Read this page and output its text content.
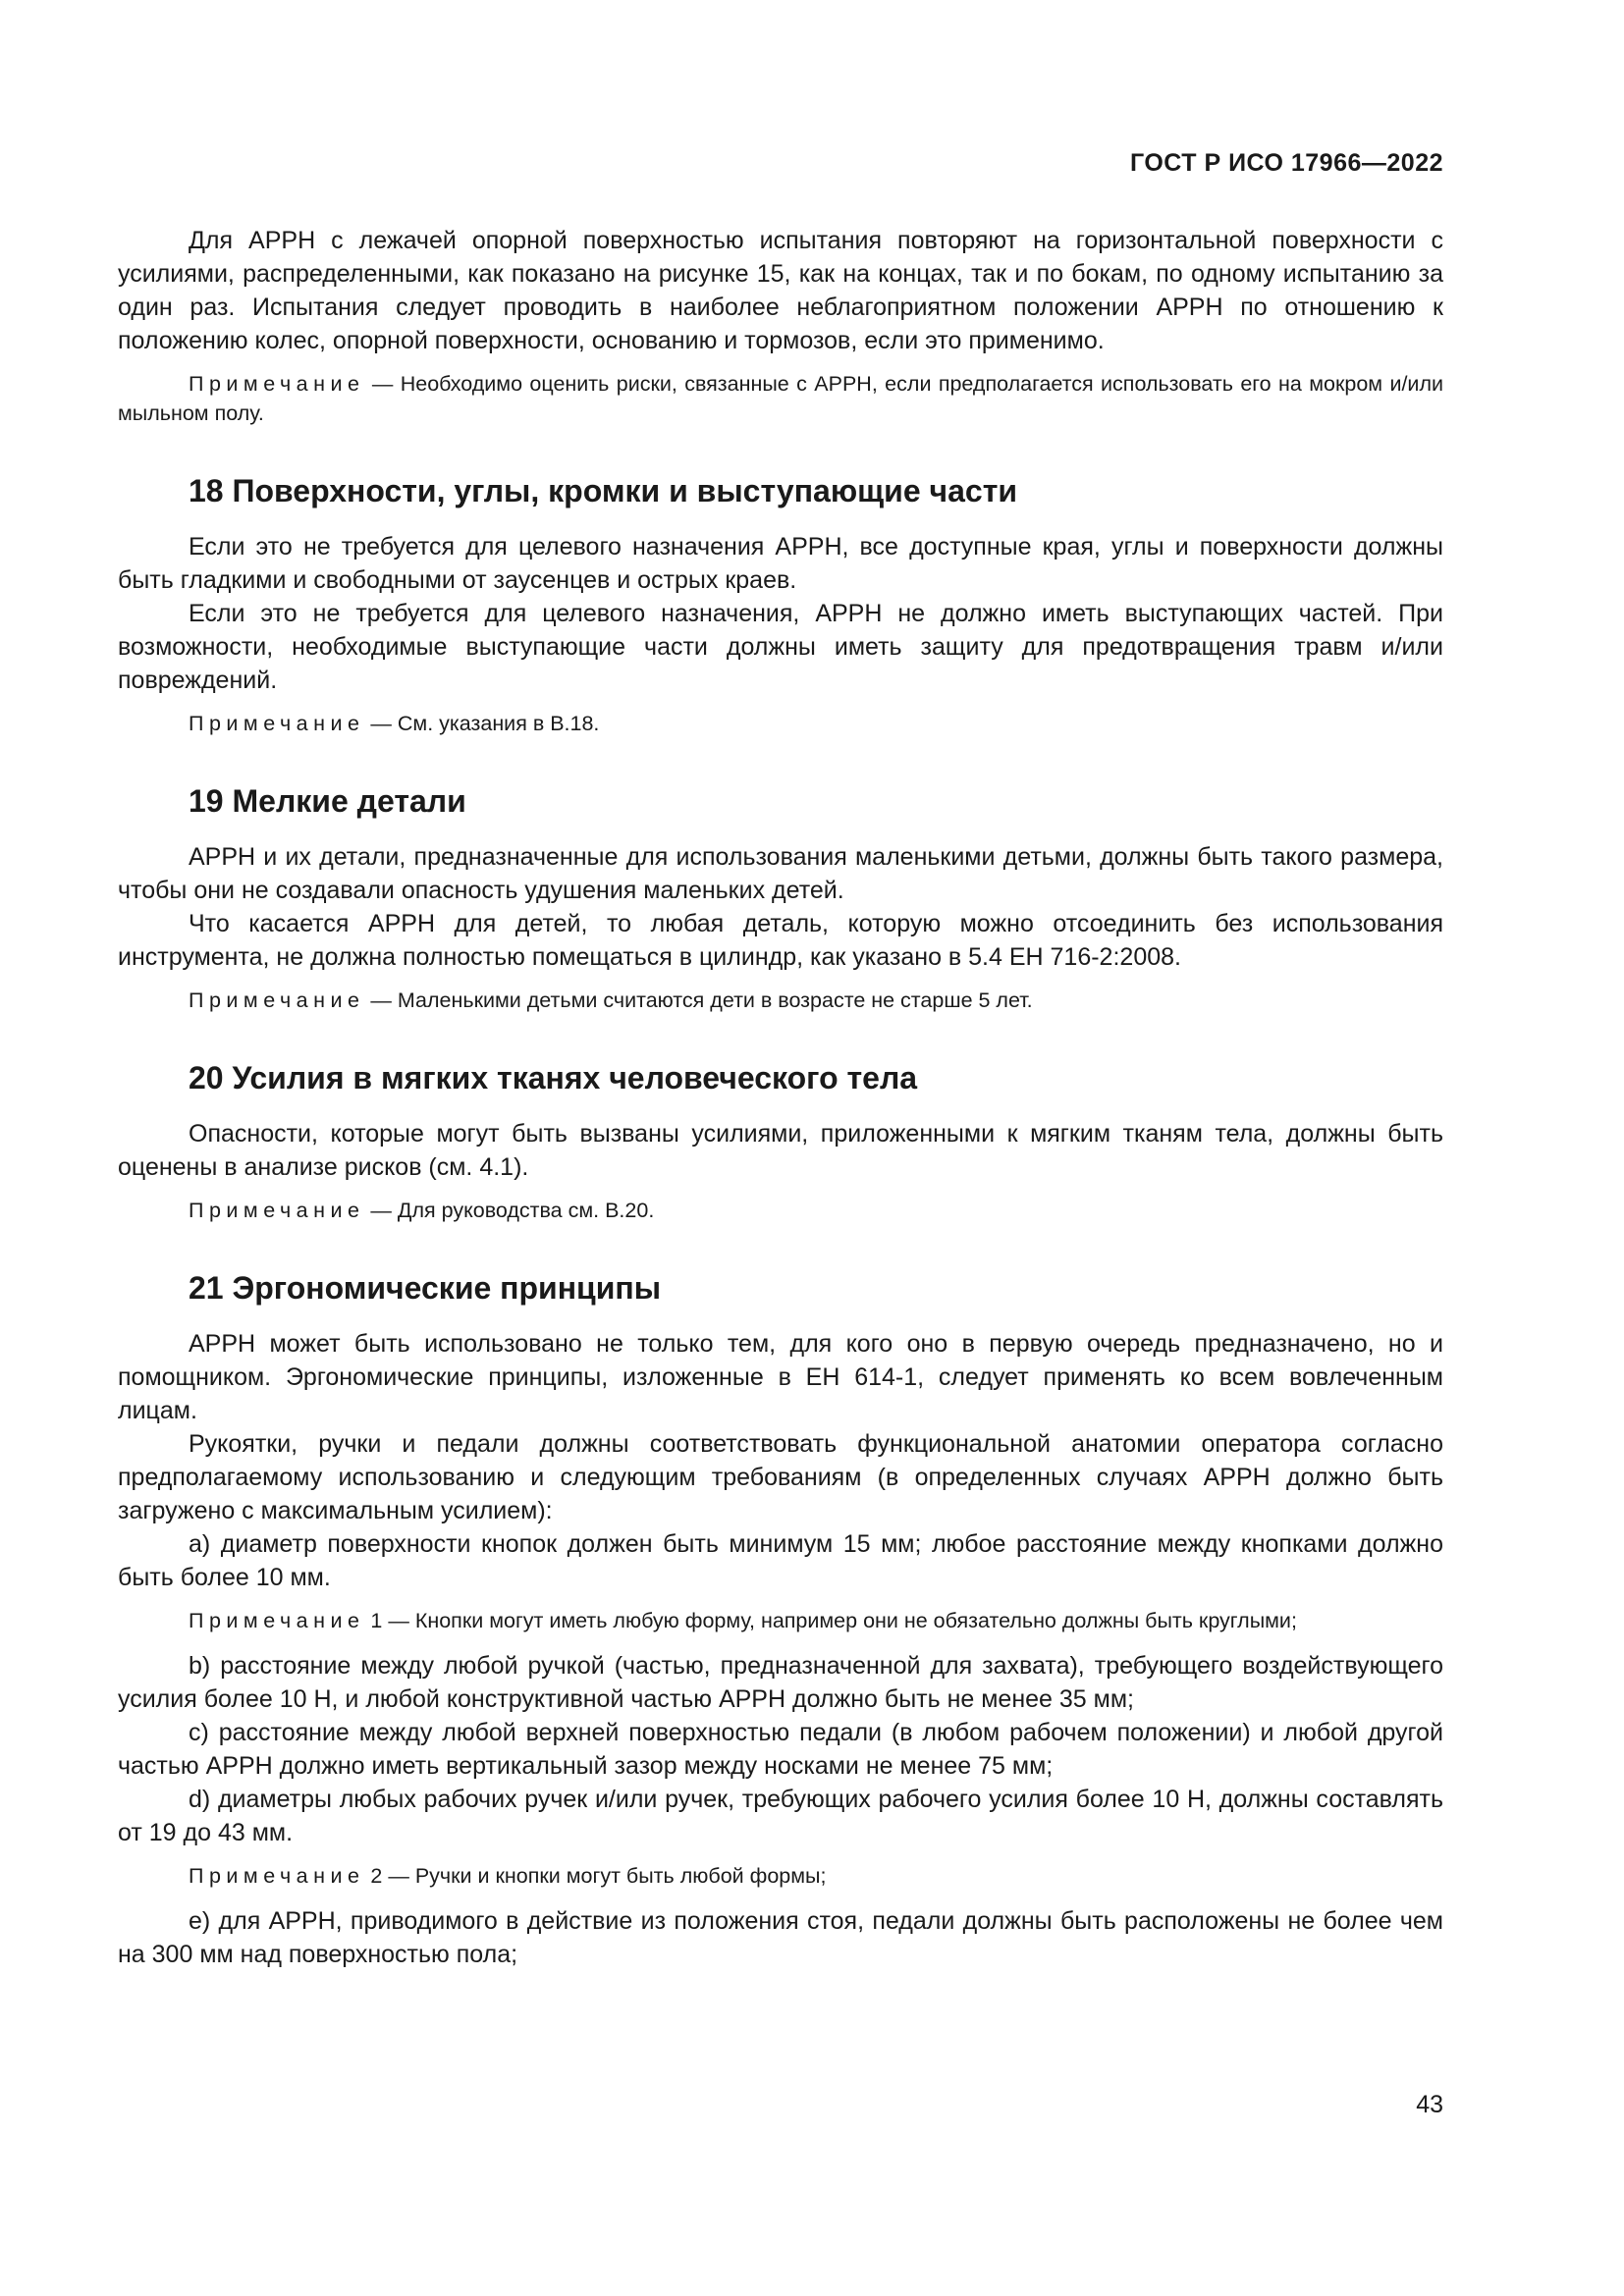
ГОСТ Р ИСО 17966—2022

Для АРРН с лежачей опорной поверхностью испытания повторяют на горизонтальной поверхности с усилиями, распределенными, как показано на рисунке 15, как на концах, так и по бокам, по одному испытанию за один раз. Испытания следует проводить в наиболее неблагоприятном положении АРРН по отношению к положению колес, опорной поверхности, основанию и тормозов, если это применимо.

Примечание — Необходимо оценить риски, связанные с АРРН, если предполагается использовать его на мокром и/или мыльном полу.
18 Поверхности, углы, кромки и выступающие части

Если это не требуется для целевого назначения АРРН, все доступные края, углы и поверхности должны быть гладкими и свободными от заусенцев и острых краев.

Если это не требуется для целевого назначения, АРРН не должно иметь выступающих частей. При возможности, необходимые выступающие части должны иметь защиту для предотвращения травм и/или повреждений.

Примечание — См. указания в В.18.
19 Мелкие детали

АРРН и их детали, предназначенные для использования маленькими детьми, должны быть такого размера, чтобы они не создавали опасность удушения маленьких детей.

Что касается АРРН для детей, то любая деталь, которую можно отсоединить без использования инструмента, не должна полностью помещаться в цилиндр, как указано в 5.4 ЕН 716-2:2008.

Примечание — Маленькими детьми считаются дети в возрасте не старше 5 лет.
20 Усилия в мягких тканях человеческого тела

Опасности, которые могут быть вызваны усилиями, приложенными к мягким тканям тела, должны быть оценены в анализе рисков (см. 4.1).

Примечание — Для руководства см. В.20.
21 Эргономические принципы

АРРН может быть использовано не только тем, для кого оно в первую очередь предназначено, но и помощником. Эргономические принципы, изложенные в ЕН 614-1, следует применять ко всем вовлеченным лицам.

Рукоятки, ручки и педали должны соответствовать функциональной анатомии оператора согласно предполагаемому использованию и следующим требованиям (в определенных случаях АРРН должно быть загружено с максимальным усилием):

a) диаметр поверхности кнопок должен быть минимум 15 мм; любое расстояние между кнопками должно быть более 10 мм.

Примечание 1 — Кнопки могут иметь любую форму, например они не обязательно должны быть круглыми;

b) расстояние между любой ручкой (частью, предназначенной для захвата), требующего воздействующего усилия более 10 Н, и любой конструктивной частью АРРН должно быть не менее 35 мм;

c) расстояние между любой верхней поверхностью педали (в любом рабочем положении) и любой другой частью АРРН должно иметь вертикальный зазор между носками не менее 75 мм;

d) диаметры любых рабочих ручек и/или ручек, требующих рабочего усилия более 10 Н, должны составлять от 19 до 43 мм.

Примечание 2 — Ручки и кнопки могут быть любой формы;

e) для АРРН, приводимого в действие из положения стоя, педали должны быть расположены не более чем на 300 мм над поверхностью пола;

43
